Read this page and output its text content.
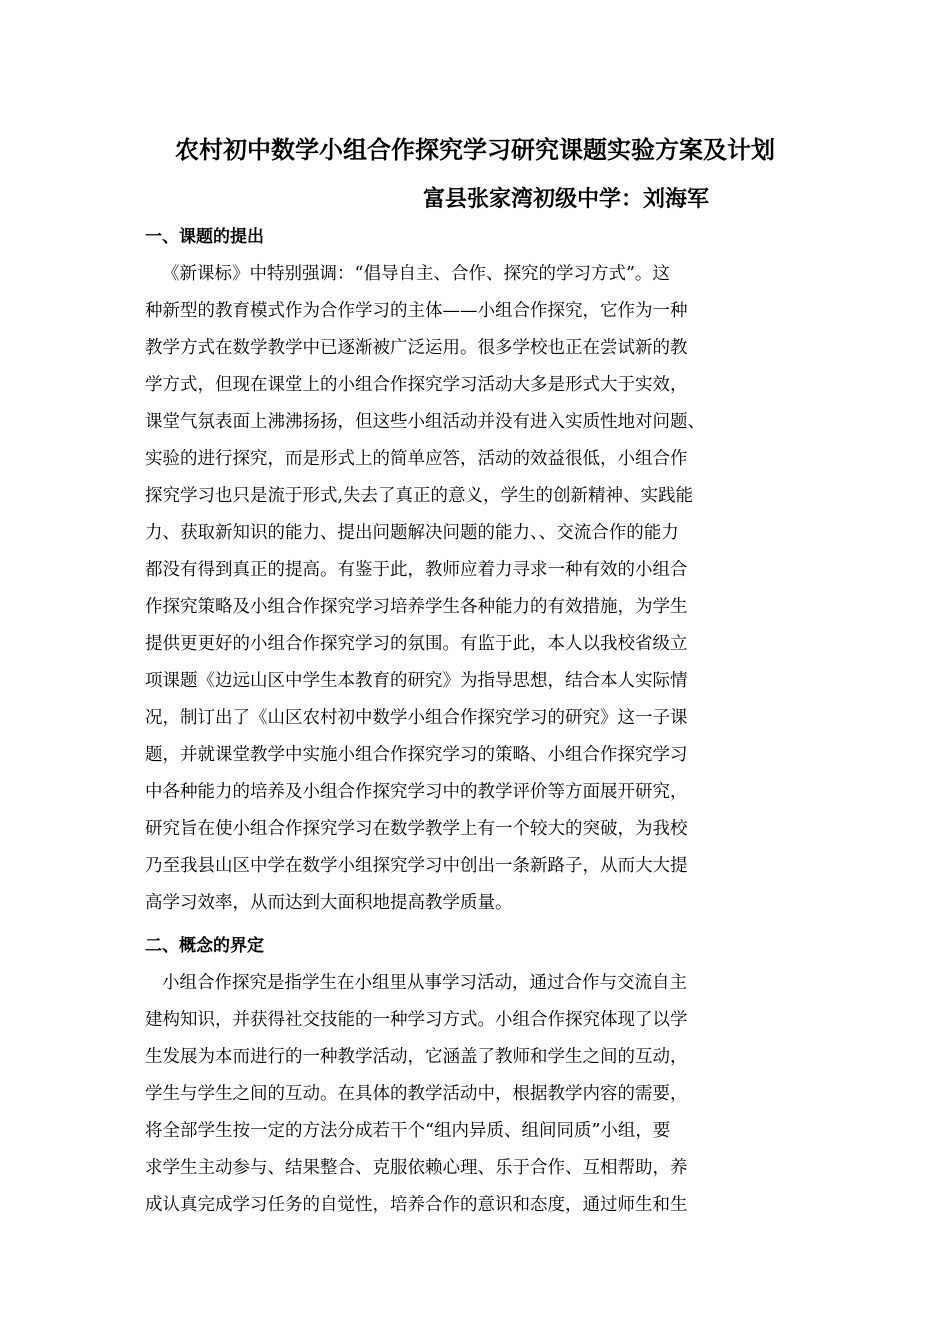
农村初中数学小组合作探究学习研究课题实验方案及计划
富县张家湾初级中学：刘海军
一、课题的提出
《新课标》中特别强调：“倡导自主、合作、探究的学习方式”。这
种新型的教育模式作为合作学习的主体——小组合作探究，它作为一种
教学方式在数学教学中已逐渐被广泛运用。很多学校也正在尝试新的教
学方式，但现在课堂上的小组合作探究学习活动大多是形式大于实效，
课堂气氛表面上沸沸扬扬，但这些小组活动并没有进入实质性地对问题、
实验的进行探究，而是形式上的简单应答，活动的效益很低，小组合作
探究学习也只是流于形式,失去了真正的意义，学生的创新精神、实践能
力、获取新知识的能力、提出问题解决问题的能力、、交流合作的能力
都没有得到真正的提高。有鉴于此，教师应着力寻求一种有效的小组合
作探究策略及小组合作探究学习培养学生各种能力的有效措施，为学生
提供更更好的小组合作探究学习的氛围。有监于此，本人以我校省级立
项课题《边远山区中学生本教育的研究》为指导思想，结合本人实际情
况，制订出了《山区农村初中数学小组合作探究学习的研究》这一子课
题，并就课堂教学中实施小组合作探究学习的策略、小组合作探究学习
中各种能力的培养及小组合作探究学习中的教学评价等方面展开研究，
研究旨在使小组合作探究学习在数学教学上有一个较大的突破，为我校
乃至我县山区中学在数学小组探究学习中创出一条新路子，从而大大提
高学习效率，从而达到大面积地提高教学质量。
二、概念的界定
小组合作探究是指学生在小组里从事学习活动，通过合作与交流自主
建构知识，并获得社交技能的一种学习方式。小组合作探究体现了以学
生发展为本而进行的一种教学活动，它涵盖了教师和学生之间的互动，
学生与学生之间的互动。在具体的教学活动中，根据教学内容的需要，
将全部学生按一定的方法分成若干个“组内异质、组间同质”小组，要
求学生主动参与、结果整合、克服依赖心理、乐于合作、互相帮助，养
成认真完成学习任务的自觉性，培养合作的意识和态度，通过师生和生
